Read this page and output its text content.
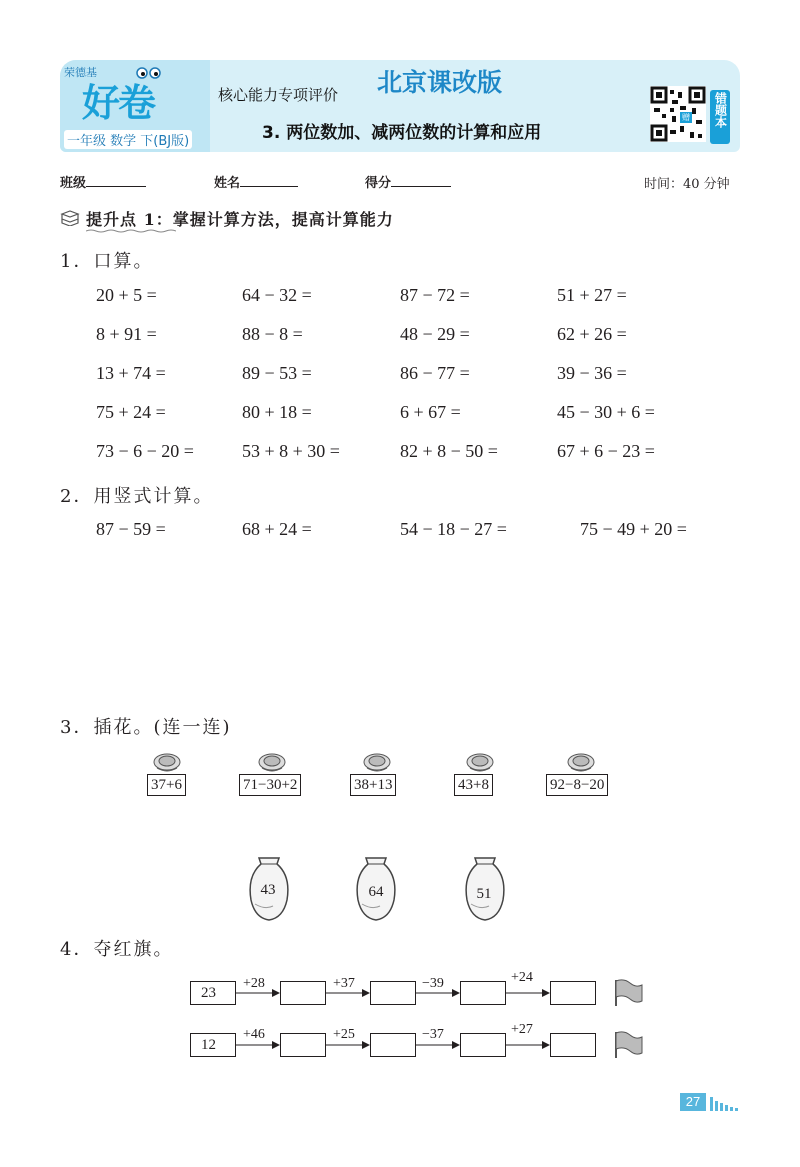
荣德基
好卷
一年级 数学 下(BJ版)
核心能力专项评价 北京课改版
3. 两位数加、减两位数的计算和应用
赠 错题本
班级	姓名	得分	时间：40 分钟
提升点 1：掌握计算方法，提高计算能力
1．口算。
20 + 5 =	64 − 32 =	87 − 72 =	51 + 27 =
8 + 91 =	88 − 8 =	48 − 29 =	62 + 26 =
13 + 74 =	89 − 53 =	86 − 77 =	39 − 36 =
75 + 24 =	80 + 18 =	6 + 67 =	45 − 30 + 6 =
73 − 6 − 20 =	53 + 8 + 30 =	82 + 8 − 50 =	67 + 6 − 23 =
2．用竖式计算。
87 − 59 =	68 + 24 =	54 − 18 − 27 =	75 − 49 + 20 =
3．插花。(连一连)
37+6	71−30+2	38+13	43+8	92−8−20
43	64	51
4．夺红旗。
23
+28	+37	−39	+24
12
+46	+25	−37	+27
27
